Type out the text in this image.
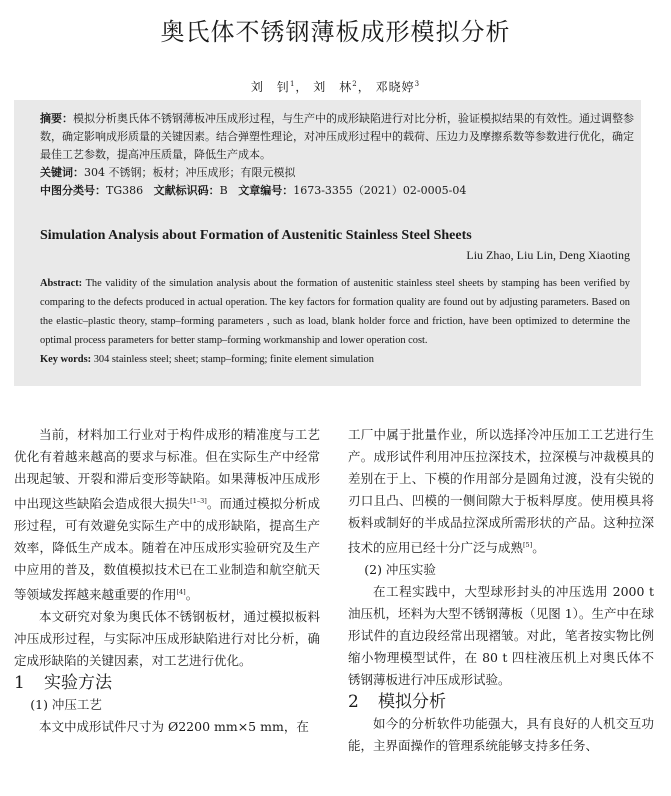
奥氏体不锈钢薄板成形模拟分析
刘　钊$^1$， 刘　林$^2$， 邓晓婷$^3$

摘要：模拟分析奥氏体不锈钢薄板冲压成形过程，与生产中的成形缺陷进行对比分析，验证模拟结果的有效性。通过调整参数，确定影响成形质量的关键因素。结合弹塑性理论，对冲压成形过程中的载荷、压边力及摩擦系数等参数进行优化，确定最佳工艺参数，提高冲压质量，降低生产成本。

关键词：304 不锈钢；板材；冲压成形；有限元模拟

中图分类号：TG386 文献标识码：B 文章编号：1673-3355（2021）02-0005-04

Simulation Analysis about Formation of Austenitic Stainless Steel Sheets
Liu Zhao, Liu Lin, Deng Xiaoting

Abstract: The validity of the simulation analysis about the formation of austenitic stainless steel sheets by stamping has been verified by comparing to the defects produced in actual operation. The key factors for formation quality are found out by adjusting parameters. Based on the elastic–plastic theory, stamp–forming parameters , such as load, blank holder force and friction, have been optimized to determine the optimal process parameters for better stamp–forming workmanship and lower operation cost.

Key words: 304 stainless steel; sheet; stamp–forming; finite element simulation

当前，材料加工行业对于构件成形的精准度与工艺优化有着越来越高的要求与标准。但在实际生产中经常出现起皱、开裂和滞后变形等缺陷。如果薄板冲压成形中出现这些缺陷会造成很大损失[1–3]。而通过模拟分析成形过程，可有效避免实际生产中的成形缺陷，提高生产效率，降低生产成本。随着在冲压成形实验研究及生产中应用的普及，数值模拟技术已在工业制造和航空航天等领域发挥越来越重要的作用[4]。

本文研究对象为奥氏体不锈钢板材，通过模拟板料冲压成形过程，与实际冲压成形缺陷进行对比分析，确定成形缺陷的关键因素，对工艺进行优化。

1 实验方法

(1) 冲压工艺

本文中成形试件尺寸为 Ø2200 mm×5 mm，在

工厂中属于批量作业，所以选择冷冲压加工工艺进行生产。成形试件利用冲压拉深技术，拉深模与冲裁模具的差别在于上、下模的作用部分是圆角过渡，没有尖锐的刃口且凸、凹模的一侧间隙大于板料厚度。使用模具将板料或制好的半成品拉深成所需形状的产品。这种拉深技术的应用已经十分广泛与成熟[5]。

(2) 冲压实验

在工程实践中，大型球形封头的冲压选用 2000 t 油压机，坯料为大型不锈钢薄板（见图 1）。生产中在球形试件的直边段经常出现褶皱。对此，笔者按实物比例缩小物理模型试件，在 80 t 四柱液压机上对奥氏体不锈钢薄板进行冲压成形试验。

2 模拟分析

如今的分析软件功能强大，具有良好的人机交互功能，主界面操作的管理系统能够支持多任务、
